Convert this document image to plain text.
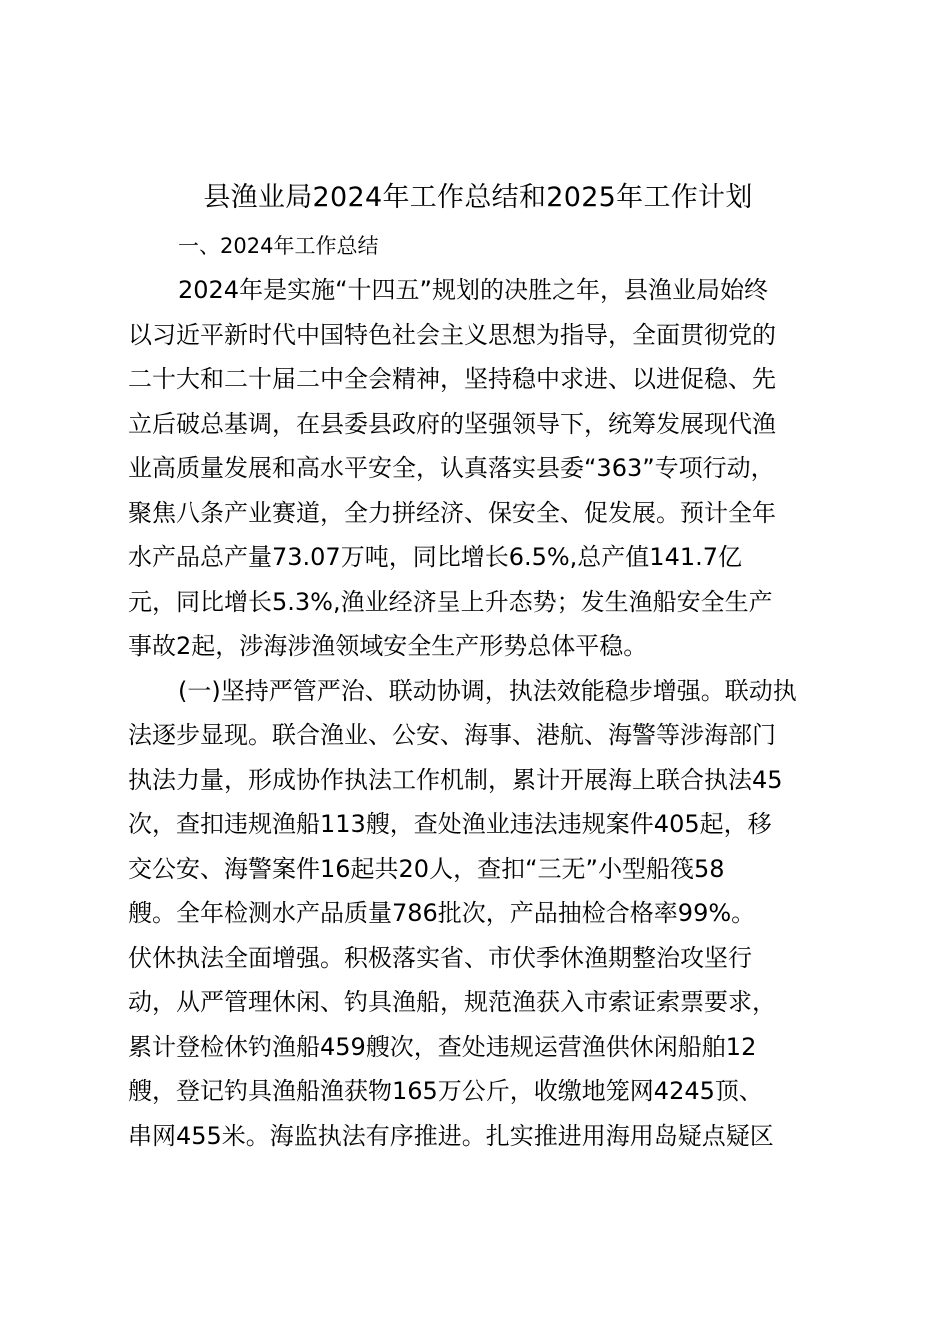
县渔业局2024年工作总结和2025年工作计划
一、2024年工作总结
2024年是实施“十四五”规划的决胜之年，县渔业局始终
以习近平新时代中国特色社会主义思想为指导，全面贯彻党的
二十大和二十届二中全会精神，坚持稳中求进、以进促稳、先
立后破总基调，在县委县政府的坚强领导下，统筹发展现代渔
业高质量发展和高水平安全，认真落实县委“363”专项行动，
聚焦八条产业赛道，全力拼经济、保安全、促发展。预计全年
水产品总产量73.07万吨，同比增长6.5%,总产值141.7亿
元，同比增长5.3%,渔业经济呈上升态势；发生渔船安全生产
事故2起，涉海涉渔领域安全生产形势总体平稳。
(一)坚持严管严治、联动协调，执法效能稳步增强。联动执
法逐步显现。联合渔业、公安、海事、港航、海警等涉海部门
执法力量，形成协作执法工作机制，累计开展海上联合执法45
次，查扣违规渔船113艘，查处渔业违法违规案件405起，移
交公安、海警案件16起共20人，查扣“三无”小型船筏58
艘。全年检测水产品质量786批次，产品抽检合格率99%。
伏休执法全面增强。积极落实省、市伏季休渔期整治攻坚行
动，从严管理休闲、钓具渔船，规范渔获入市索证索票要求，
累计登检休钓渔船459艘次，查处违规运营渔供休闲船舶12
艘，登记钓具渔船渔获物165万公斤，收缴地笼网4245顶、
串网455米。海监执法有序推进。扎实推进用海用岛疑点疑区
